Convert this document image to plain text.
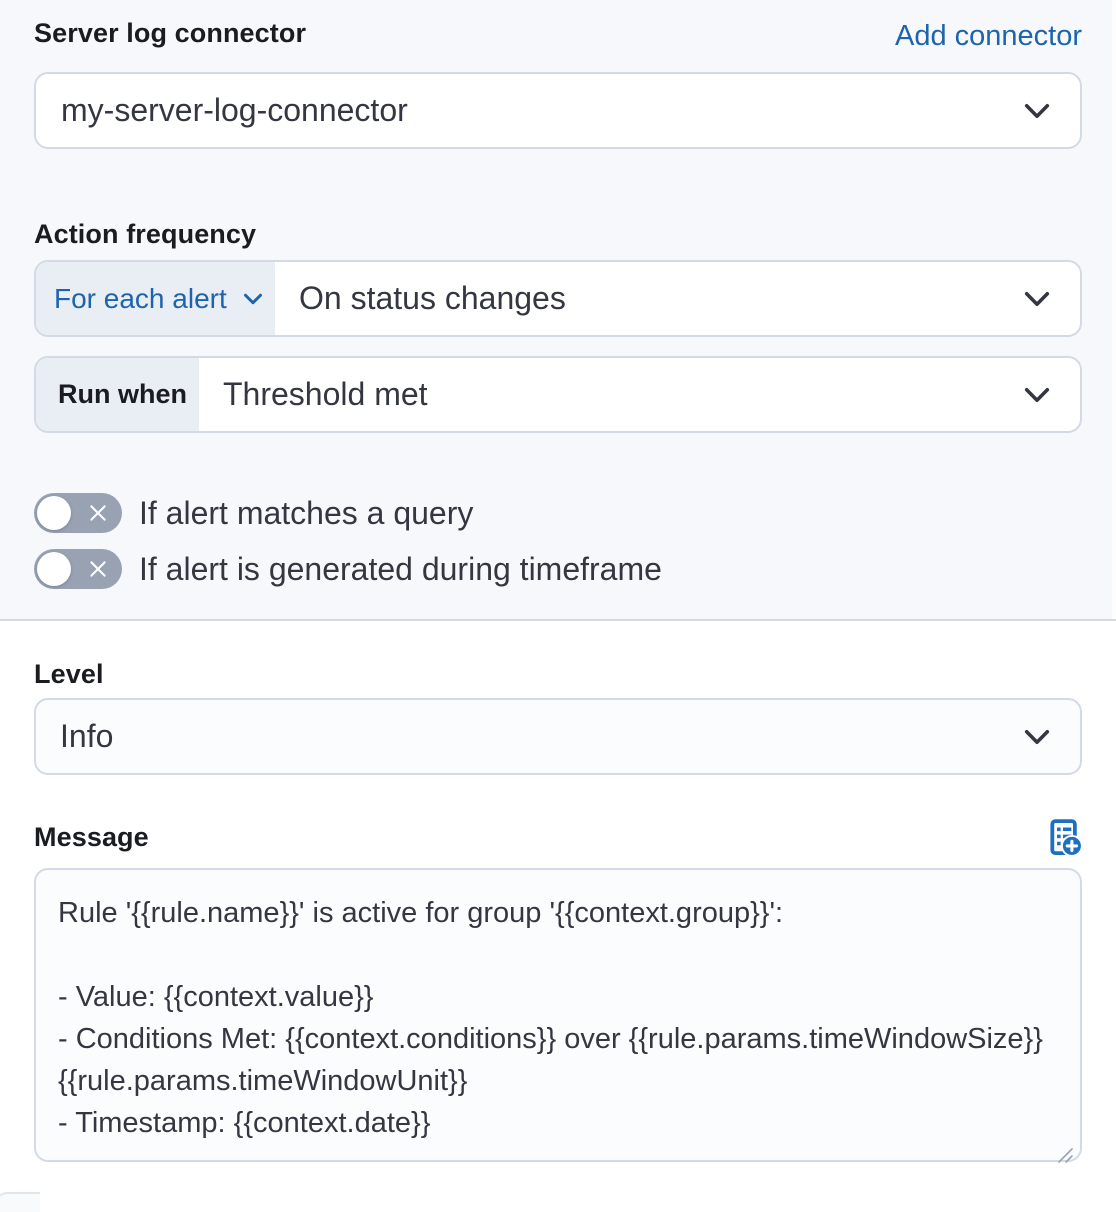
Server log connector	Add connector
my-server-log-connector
Action frequency
For each alert On status changes
Run when Threshold met
If alert matches a query
If alert is generated during timeframe
Level
Info
Message
Rule '{{rule.name}}' is active for group '{{context.group}}':

- Value: {{context.value}}
- Conditions Met: {{context.conditions}} over {{rule.params.timeWindowSize}}
{{rule.params.timeWindowUnit}}
- Timestamp: {{context.date}}
